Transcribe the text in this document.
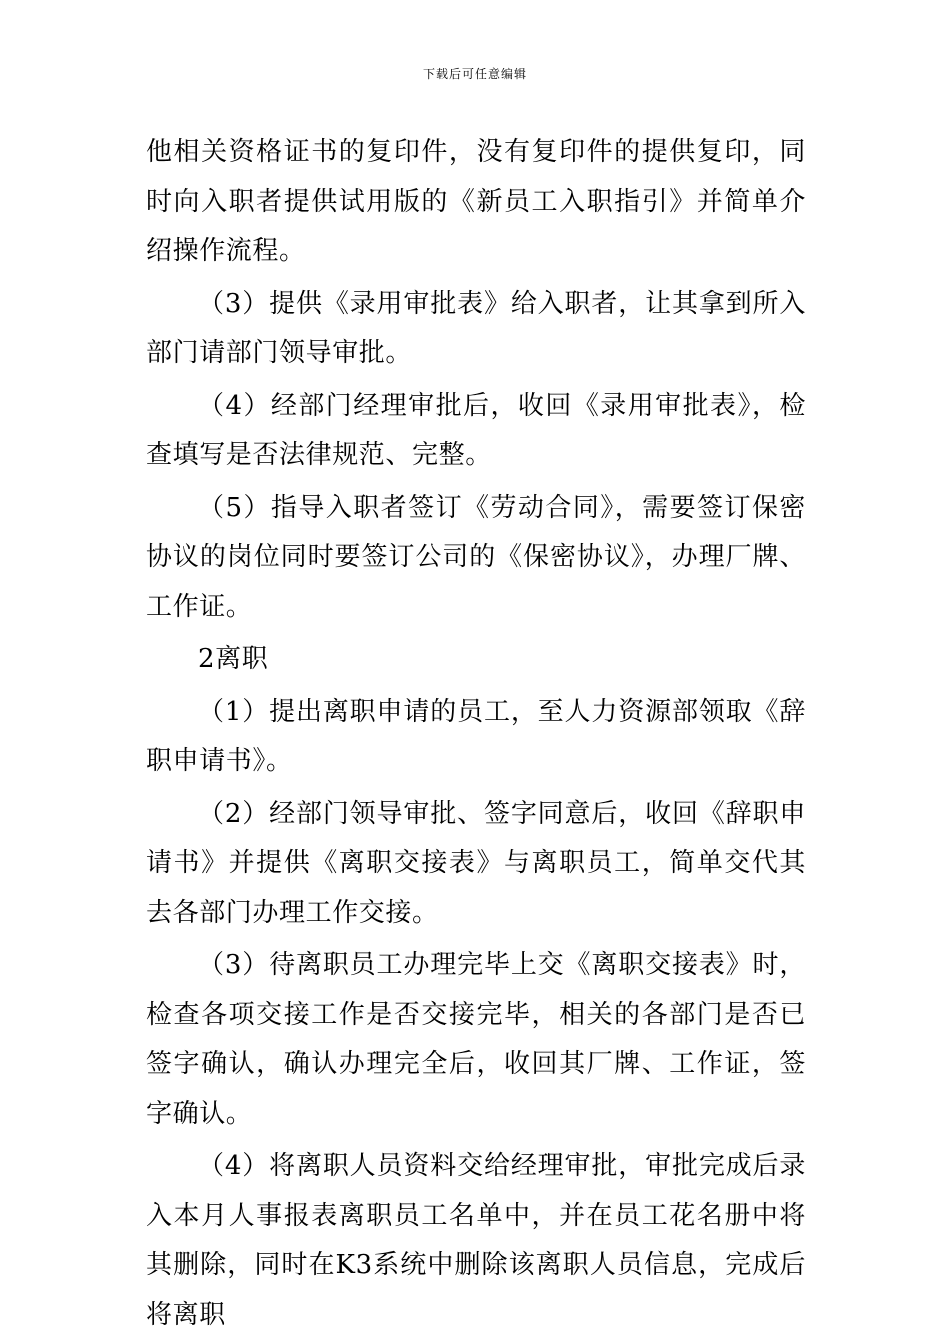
下载后可任意编辑

他相关资格证书的复印件，没有复印件的提供复印，同时向入职者提供试用版的《新员工入职指引》并简单介绍操作流程。

（3）提供《录用审批表》给入职者，让其拿到所入部门请部门领导审批。

（4）经部门经理审批后，收回《录用审批表》，检查填写是否法律规范、完整。

（5）指导入职者签订《劳动合同》，需要签订保密协议的岗位同时要签订公司的《保密协议》，办理厂牌、工作证。

2离职

（1）提出离职申请的员工，至人力资源部领取《辞职申请书》。

（2）经部门领导审批、签字同意后，收回《辞职申请书》并提供《离职交接表》与离职员工，简单交代其去各部门办理工作交接。

（3）待离职员工办理完毕上交《离职交接表》时，检查各项交接工作是否交接完毕，相关的各部门是否已签字确认，确认办理完全后，收回其厂牌、工作证，签字确认。

（4）将离职人员资料交给经理审批，审批完成后录入本月人事报表离职员工名单中，并在员工花名册中将其删除，同时在K3系统中删除该离职人员信息，完成后将离职
